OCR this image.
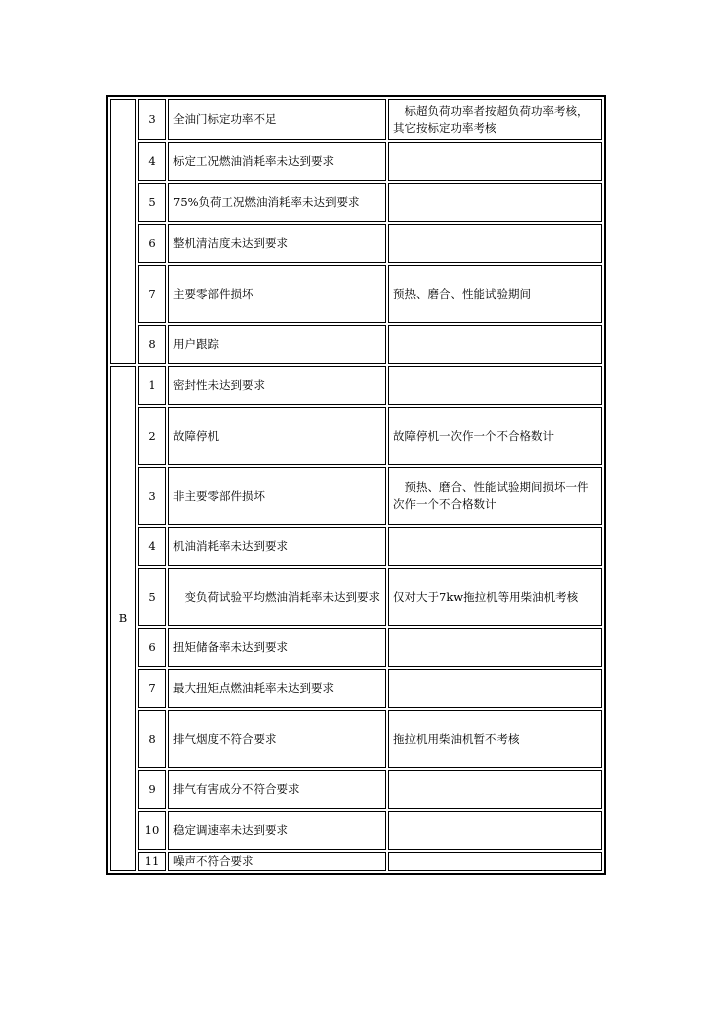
	3	全油门标定功率不足	标超负荷功率者按超负荷功率考核，其它按标定功率考核
	4	标定工况燃油消耗率未达到要求	
	5	75%负荷工况燃油消耗率未达到要求	
	6	整机清洁度未达到要求	
	7	主要零部件损坏	预热、磨合、性能试验期间
	8	用户跟踪	
B	1	密封性未达到要求	
	2	故障停机	故障停机一次作一个不合格数计
	3	非主要零部件损坏	预热、磨合、性能试验期间损坏一件次作一个不合格数计
	4	机油消耗率未达到要求	
	5	变负荷试验平均燃油消耗率未达到要求	仅对大于7kw拖拉机等用柴油机考核
	6	扭矩储备率未达到要求	
	7	最大扭矩点燃油耗率未达到要求	
	8	排气烟度不符合要求	拖拉机用柴油机暂不考核
	9	排气有害成分不符合要求	
	10	稳定调速率未达到要求	
	11	噪声不符合要求	
